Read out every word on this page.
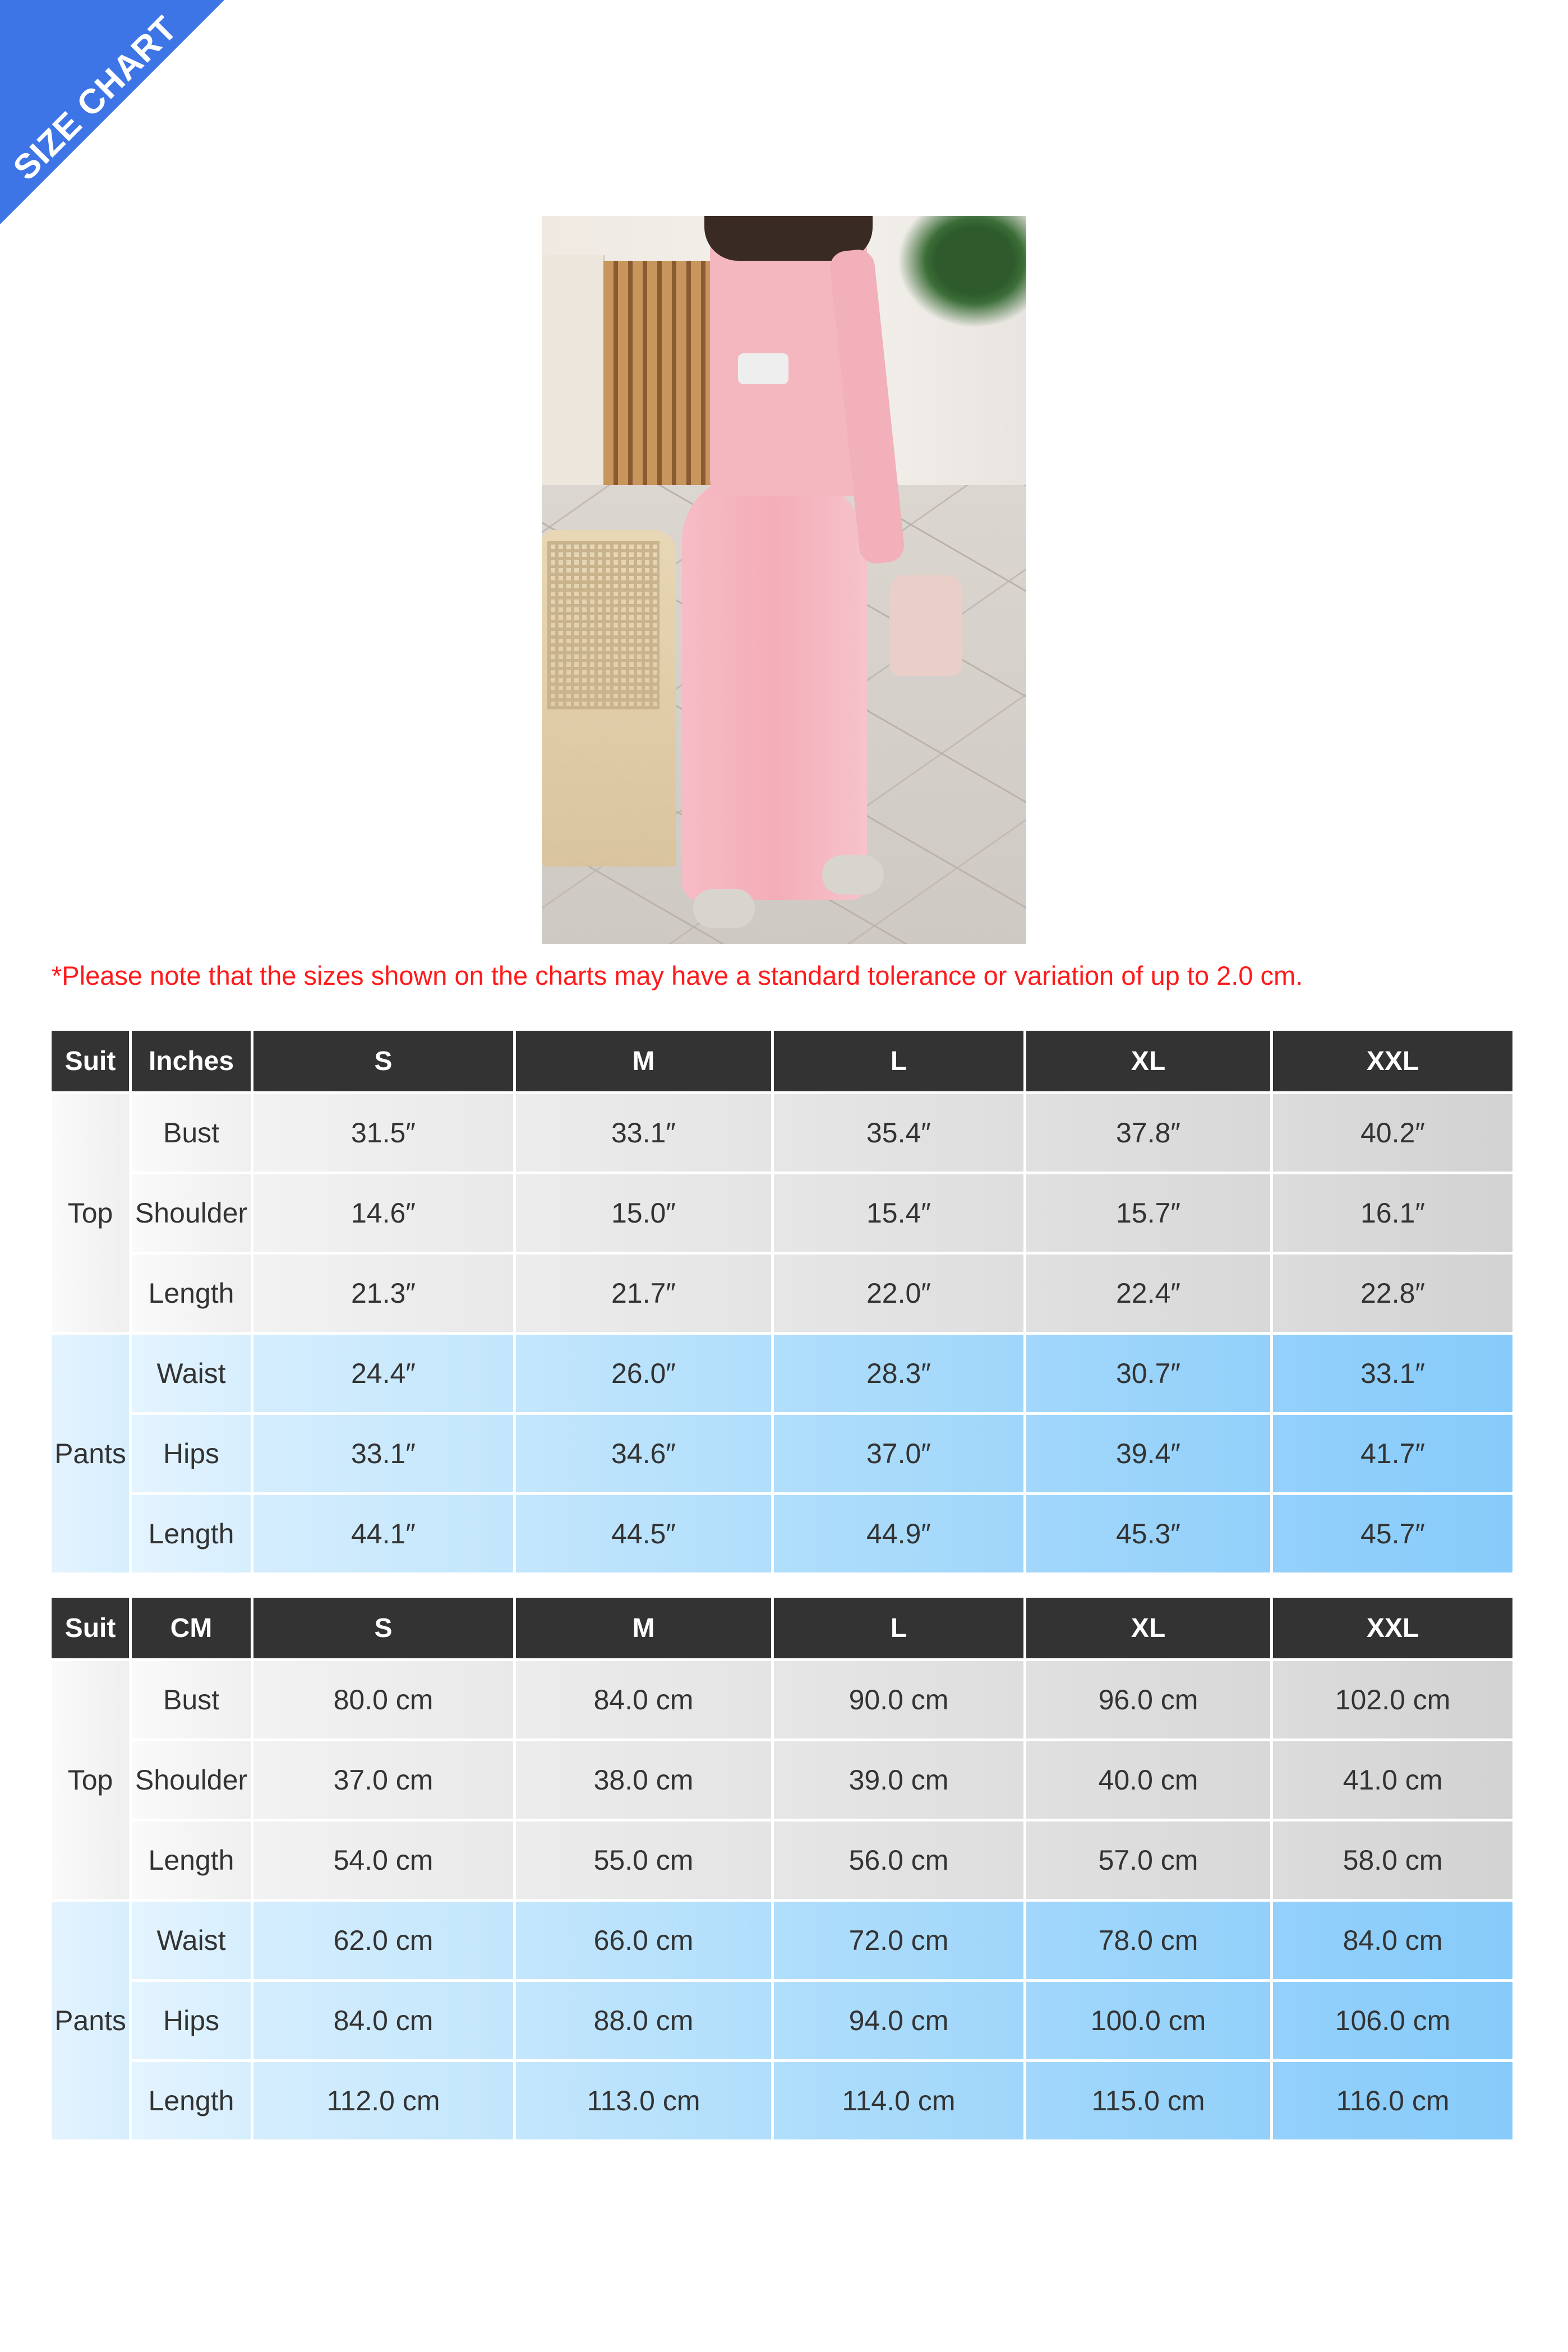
SIZE CHART
*Please note that the sizes shown on the charts may have a standard tolerance or variation of up to 2.0 cm.
Suit	Inches	S	M	L	XL	XXL
Top	Bust	31.5″	33.1″	35.4″	37.8″	40.2″
	Shoulder	14.6″	15.0″	15.4″	15.7″	16.1″
	Length	21.3″	21.7″	22.0″	22.4″	22.8″
Pants	Waist	24.4″	26.0″	28.3″	30.7″	33.1″
	Hips	33.1″	34.6″	37.0″	39.4″	41.7″
	Length	44.1″	44.5″	44.9″	45.3″	45.7″
Suit	CM	S	M	L	XL	XXL
Top	Bust	80.0 cm	84.0 cm	90.0 cm	96.0 cm	102.0 cm
	Shoulder	37.0 cm	38.0 cm	39.0 cm	40.0 cm	41.0 cm
	Length	54.0 cm	55.0 cm	56.0 cm	57.0 cm	58.0 cm
Pants	Waist	62.0 cm	66.0 cm	72.0 cm	78.0 cm	84.0 cm
	Hips	84.0 cm	88.0 cm	94.0 cm	100.0 cm	106.0 cm
	Length	112.0 cm	113.0 cm	114.0 cm	115.0 cm	116.0 cm
